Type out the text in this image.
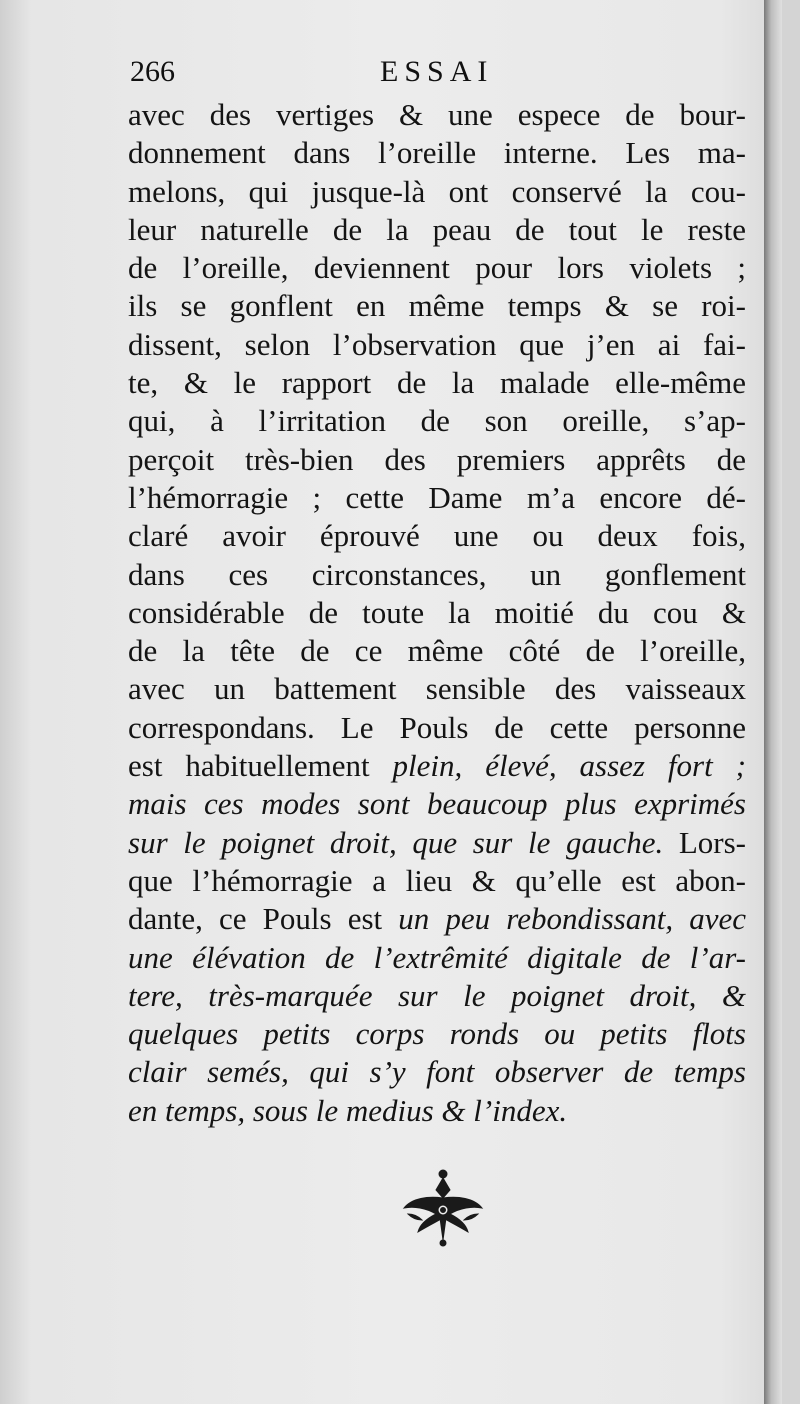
266	ESSAI
avec des vertiges & une espece de bour-
donnement dans l’oreille interne. Les ma-
melons, qui jusque-là ont conservé la cou-
leur naturelle de la peau de tout le reste
de l’oreille, deviennent pour lors violets ;
ils se gonflent en même temps & se roi-
dissent, selon l’observation que j’en ai fai-
te, & le rapport de la malade elle-même
qui, à l’irritation de son oreille, s’ap-
perçoit très-bien des premiers apprêts de
l’hémorragie ; cette Dame m’a encore dé-
claré avoir éprouvé une ou deux fois,
dans ces circonstances, un gonflement
considérable de toute la moitié du cou &
de la tête de ce même côté de l’oreille,
avec un battement sensible des vaisseaux
correspondans. Le Pouls de cette personne
est habituellement plein, élevé, assez fort ;
mais ces modes sont beaucoup plus exprimés
sur le poignet droit, que sur le gauche. Lors-
que l’hémorragie a lieu & qu’elle est abon-
dante, ce Pouls est un peu rebondissant, avec
une élévation de l’extrêmité digitale de l’ar-
tere, très-marquée sur le poignet droit, &
quelques petits corps ronds ou petits flots
clair semés, qui s’y font observer de temps
en temps, sous le medius & l’index.
